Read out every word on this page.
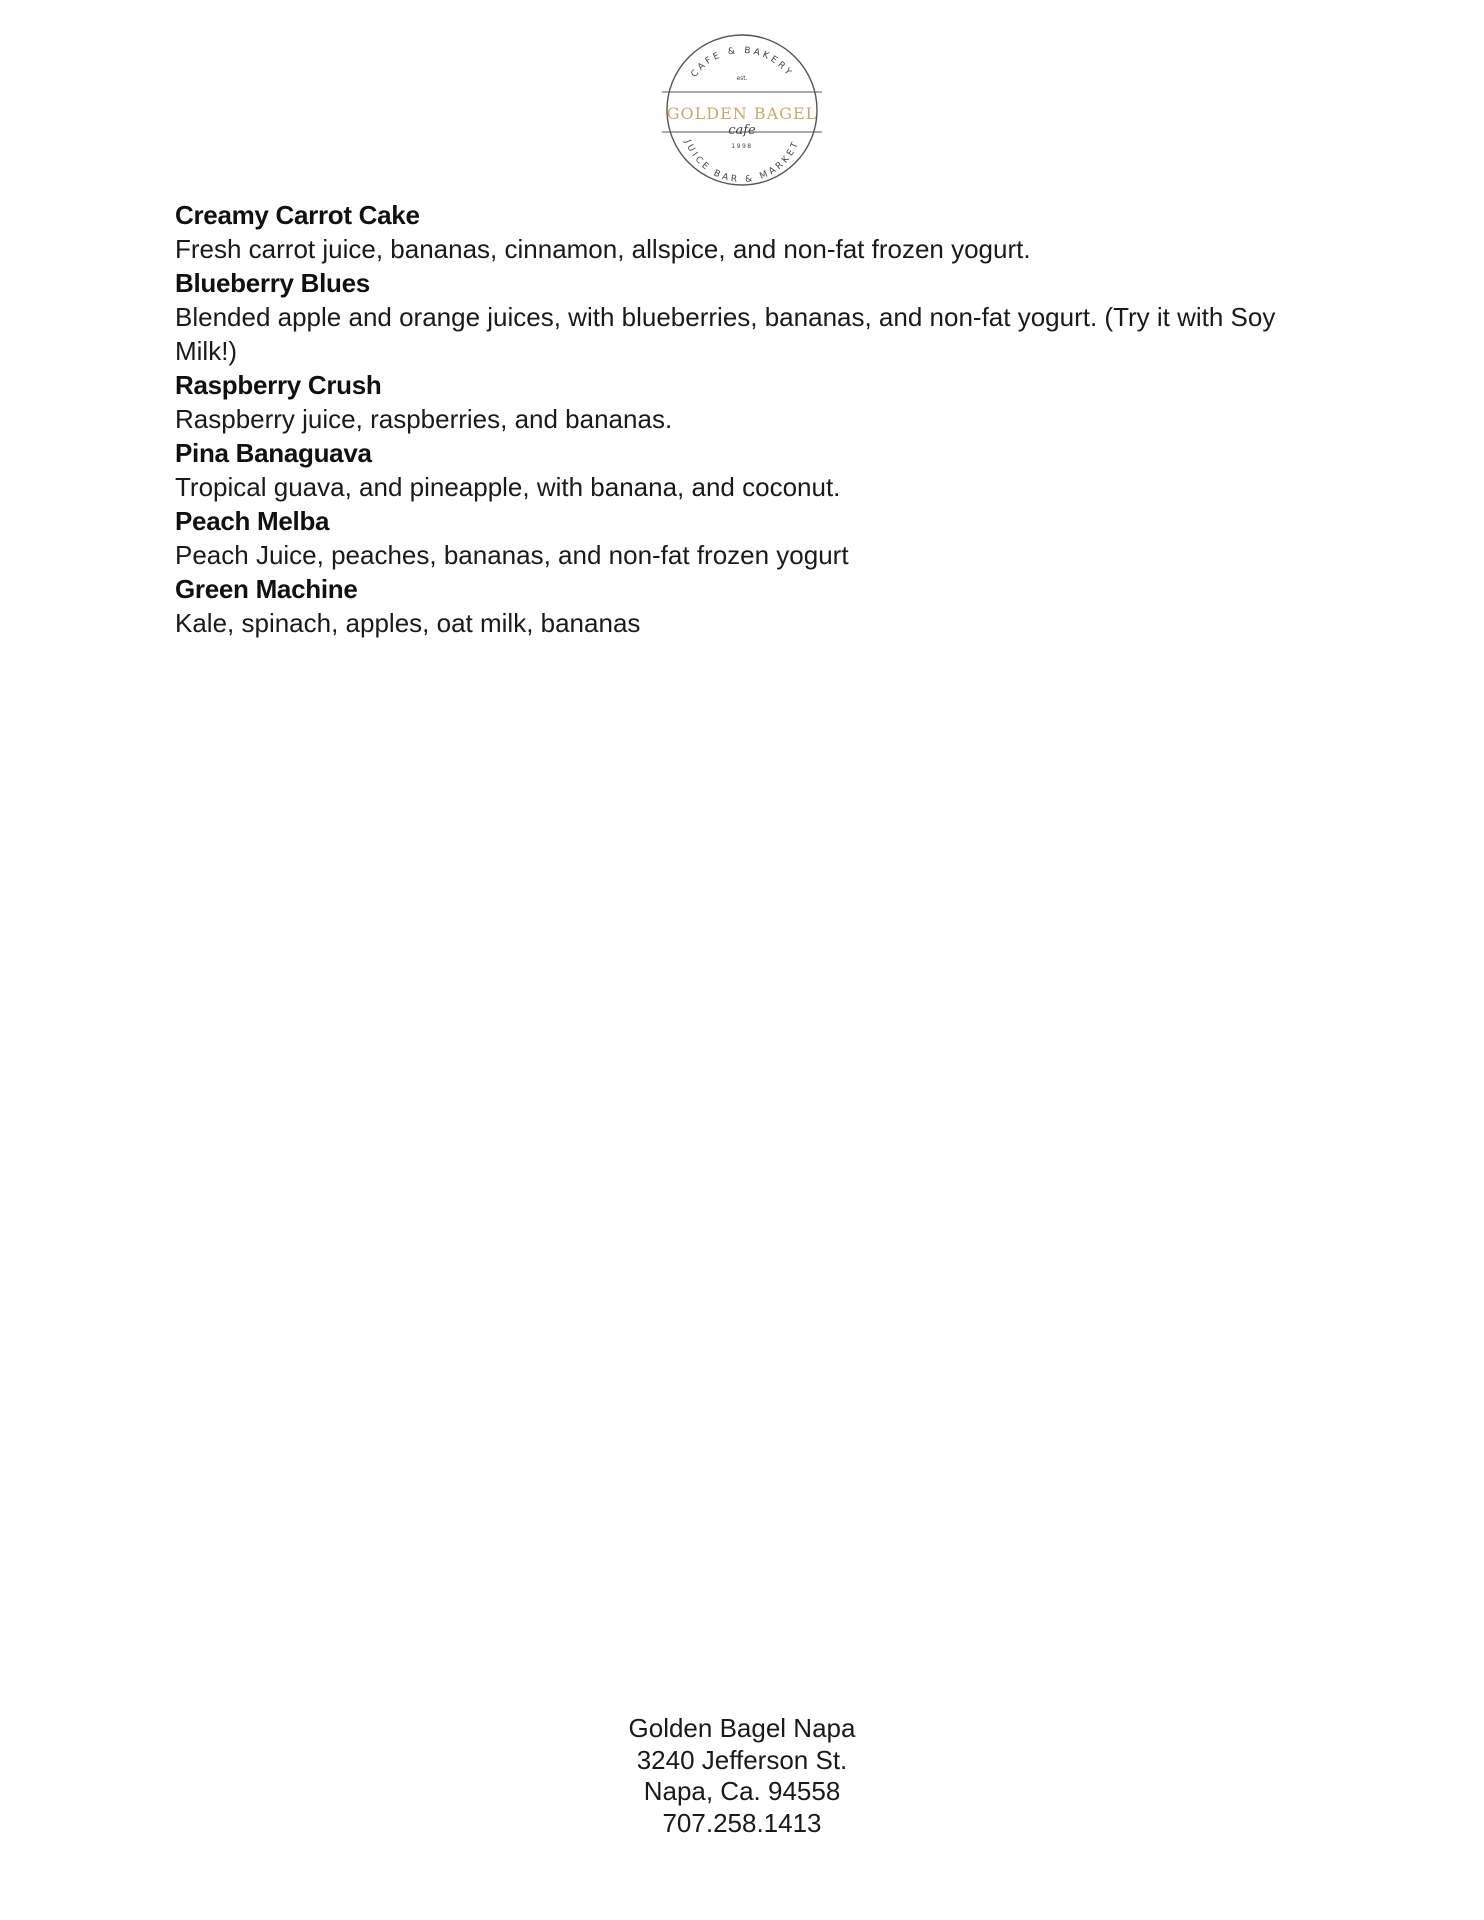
CAFE & BAKERY
est.
GOLDEN BAGEL
cafe
1998
JUICE BAR & MARKET
Creamy Carrot Cake
Fresh carrot juice, bananas, cinnamon, allspice, and non-fat frozen yogurt.
Blueberry Blues
Blended apple and orange juices, with blueberries, bananas, and non-fat yogurt. (Try it with Soy Milk!)
Raspberry Crush
Raspberry juice, raspberries, and bananas.
Pina Banaguava
Tropical guava, and pineapple, with banana, and coconut.
Peach Melba
Peach Juice, peaches, bananas, and non-fat frozen yogurt
Green Machine
Kale, spinach, apples, oat milk, bananas
Golden Bagel Napa
3240 Jefferson St.
Napa, Ca. 94558
707.258.1413
